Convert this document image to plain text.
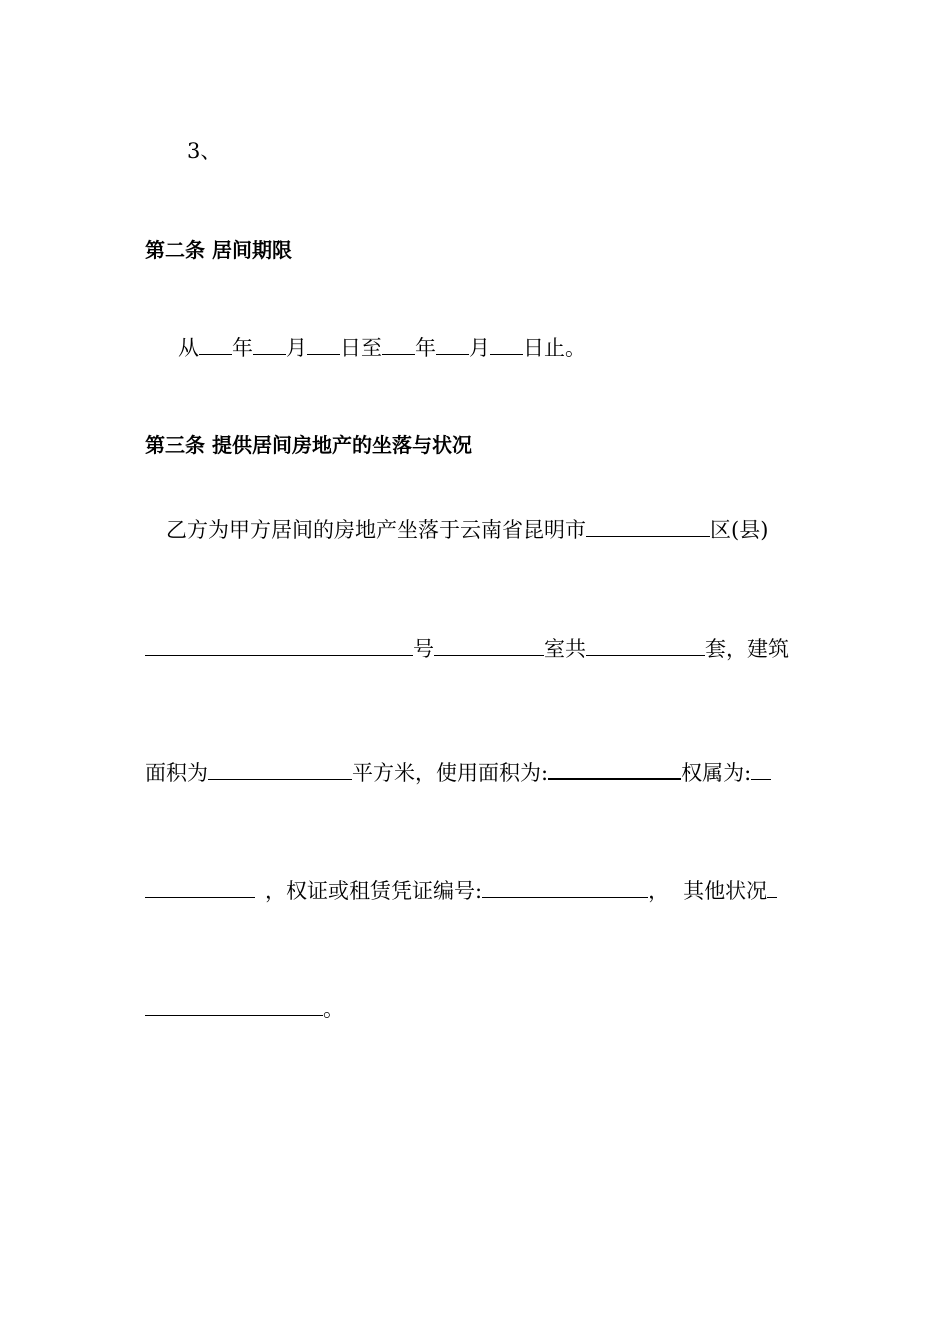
3、
第二条 居间期限
从 年 月 日至 年 月 日止。
第三条 提供居间房地产的坐落与状况
乙方为甲方居间的房地产坐落于云南省昆明市	区(县)
号	室共	套，建筑
面积为	平方米，使用面积为:	权属为:
，权证或租赁凭证编号:	， 其他状况
。
